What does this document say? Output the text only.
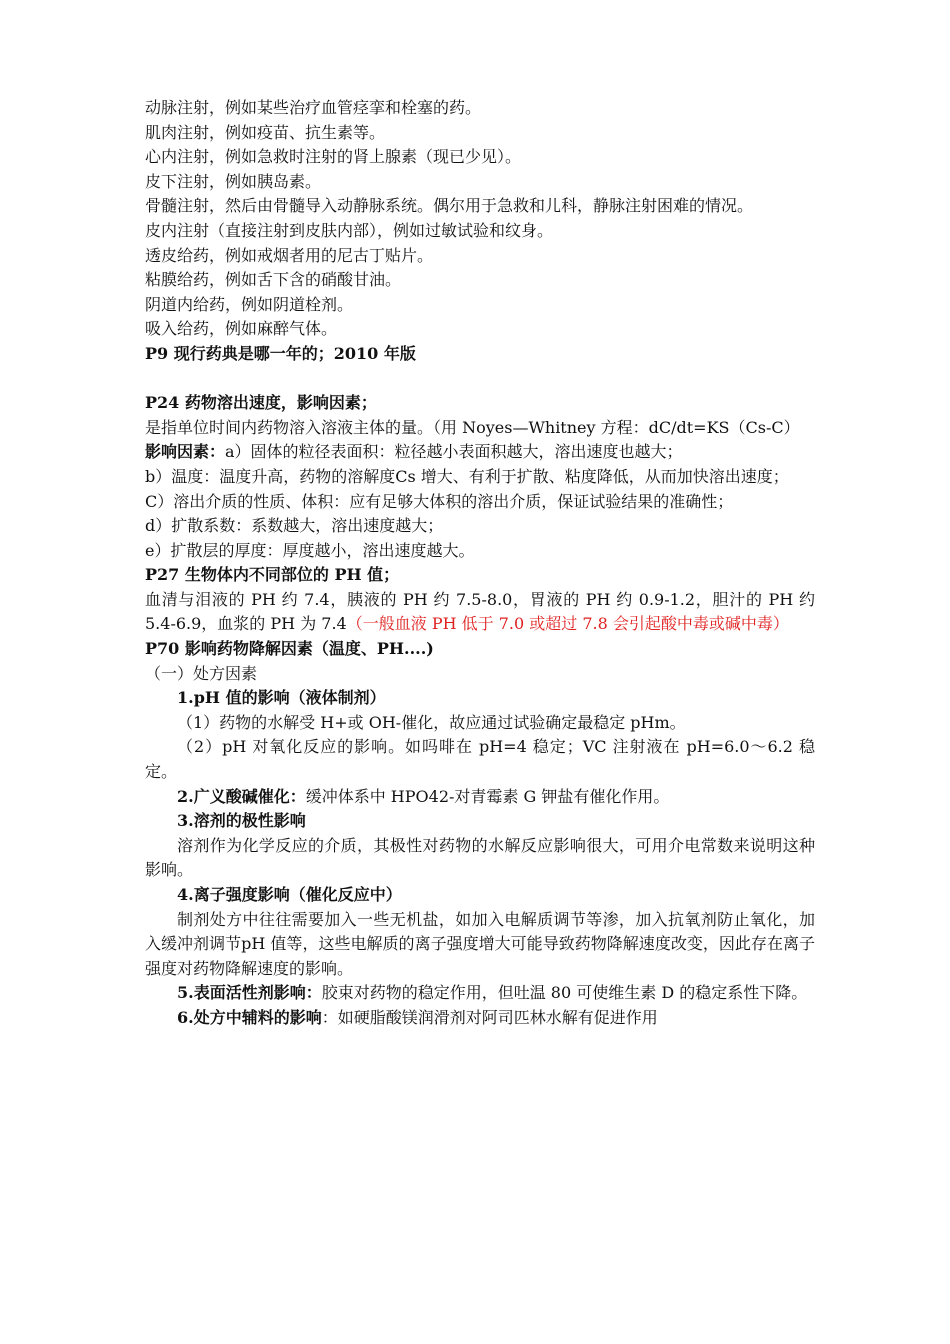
动脉注射，例如某些治疗血管痉挛和栓塞的药。

肌肉注射，例如疫苗、抗生素等。

心内注射，例如急救时注射的肾上腺素（现已少见）。

皮下注射，例如胰岛素。

骨髓注射，然后由骨髓导入动静脉系统。偶尔用于急救和儿科，静脉注射困难的情况。

皮内注射（直接注射到皮肤内部），例如过敏试验和纹身。

透皮给药，例如戒烟者用的尼古丁贴片。

粘膜给药，例如舌下含的硝酸甘油。

阴道内给药，例如阴道栓剂。

吸入给药，例如麻醉气体。

P9 现行药典是哪一年的；2010 年版

P24 药物溶出速度，影响因素；

是指单位时间内药物溶入溶液主体的量。（用 Noyes—Whitney 方程：dC/dt=KS（Cs-C）

影响因素：a）固体的粒径表面积：粒径越小表面积越大，溶出速度也越大；

b）温度：温度升高，药物的溶解度Cs 增大、有利于扩散、粘度降低，从而加快溶出速度；

C）溶出介质的性质、体积：应有足够大体积的溶出介质，保证试验结果的准确性；

d）扩散系数：系数越大，溶出速度越大；

e）扩散层的厚度：厚度越小，溶出速度越大。

P27 生物体内不同部位的 PH 值；

血清与泪液的 PH 约 7.4，胰液的 PH 约 7.5-8.0，胃液的 PH 约 0.9-1.2，胆汁的 PH 约 5.4-6.9，血浆的 PH 为 7.4（一般血液 PH 低于 7.0 或超过 7.8 会引起酸中毒或碱中毒）

P70 影响药物降解因素（温度、PH....)

（一）处方因素

1.pH 值的影响（液体制剂）

（1）药物的水解受 H+或 OH-催化，故应通过试验确定最稳定 pHm。

（2）pH 对氧化反应的影响。如吗啡在 pH=4 稳定；VC 注射液在 pH=6.0～6.2 稳定。

2.广义酸碱催化：缓冲体系中 HPO42-对青霉素 G 钾盐有催化作用。

3.溶剂的极性影响

溶剂作为化学反应的介质，其极性对药物的水解反应影响很大，可用介电常数来说明这种影响。

4.离子强度影响（催化反应中）

制剂处方中往往需要加入一些无机盐，如加入电解质调节等渗，加入抗氧剂防止氧化，加入缓冲剂调节pH 值等，这些电解质的离子强度增大可能导致药物降解速度改变，因此存在离子强度对药物降解速度的影响。

5.表面活性剂影响：胶束对药物的稳定作用，但吐温 80 可使维生素 D 的稳定系性下降。

6.处方中辅料的影响：如硬脂酸镁润滑剂对阿司匹林水解有促进作用
